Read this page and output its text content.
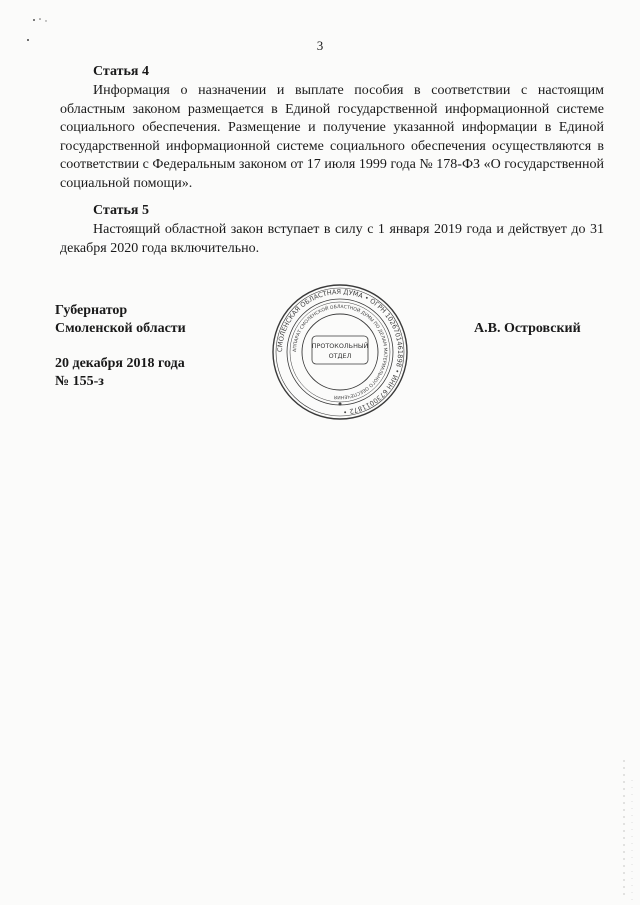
3
Статья 4
Информация о назначении и выплате пособия в соответствии с настоящим областным законом размещается в Единой государственной информационной системе социального обеспечения. Размещение и получение указанной информации в Единой государственной информационной системе социального обеспечения осуществляются в соответствии с Федеральным законом от 17 июля 1999 года № 178-ФЗ «О государственной социальной помощи».
Статья 5
Настоящий областной закон вступает в силу с 1 января 2019 года и действует до 31 декабря 2020 года включительно.
Губернатор
Смоленской области	А.В. Островский
20 декабря 2018 года
№ 155-з
СМОЛЕНСКАЯ ОБЛАСТНАЯ ДУМА • ОГРН 1026701461898 • ИНН 6730011872 •
АППАРАТ СМОЛЕНСКОЙ ОБЛАСТНОЙ ДУМЫ ПО ДЕЛАМ МАТЕРИАЛЬНОГО ОБЕСПЕЧЕНИЯ
ПРОТОКОЛЬНЫЙ
ОТДЕЛ
